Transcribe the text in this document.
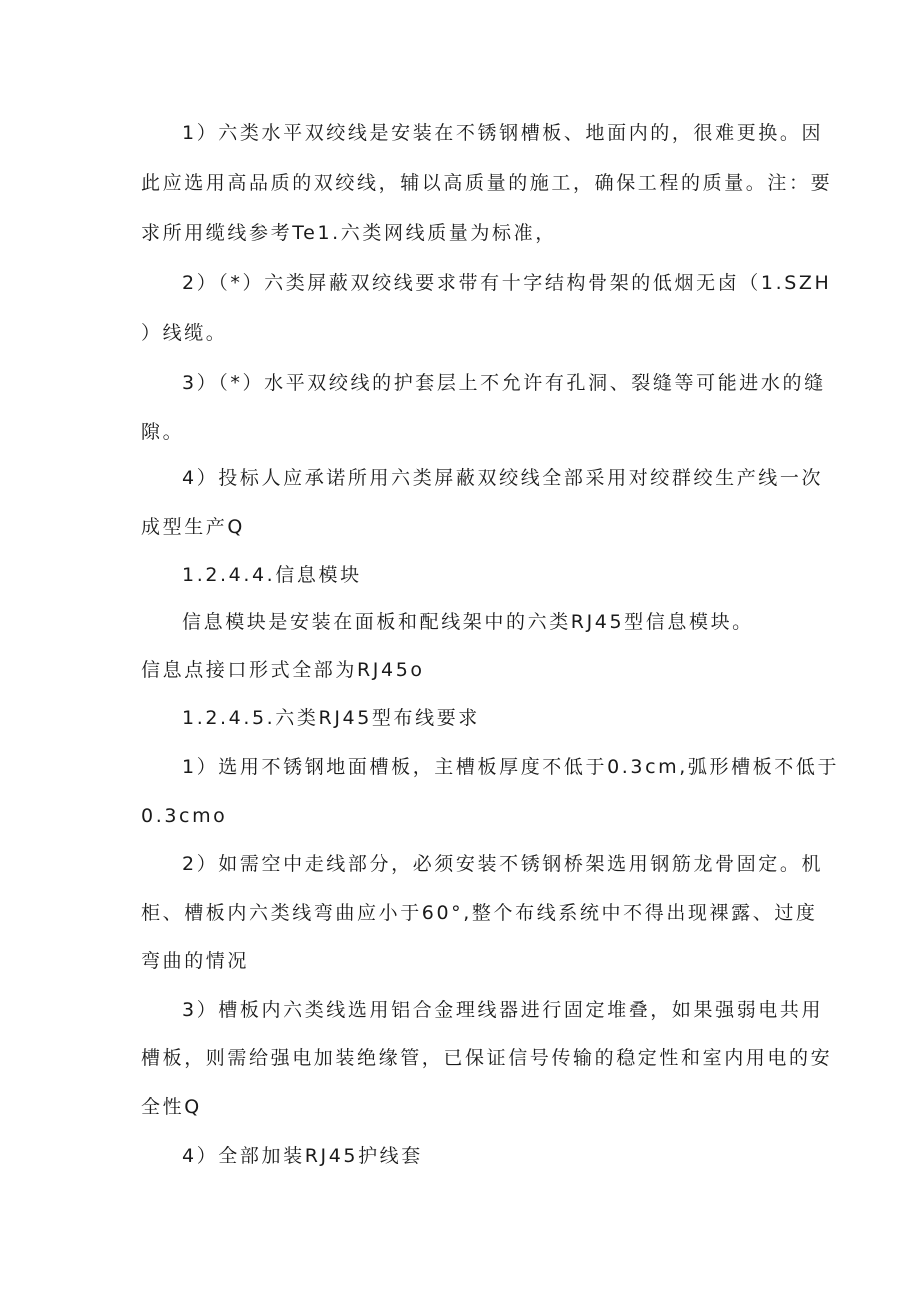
1）六类水平双绞线是安装在不锈钢槽板、地面内的，很难更换。因
此应选用高品质的双绞线，辅以高质量的施工，确保工程的质量。注：要
求所用缆线参考Te1.六类网线质量为标准，
2）（*）六类屏蔽双绞线要求带有十字结构骨架的低烟无卤（1.SZH
）线缆。
3）（*）水平双绞线的护套层上不允许有孔洞、裂缝等可能进水的缝
隙。
4）投标人应承诺所用六类屏蔽双绞线全部采用对绞群绞生产线一次
成型生产Q
1.2.4.4.信息模块
信息模块是安装在面板和配线架中的六类RJ45型信息模块。
信息点接口形式全部为RJ45o
1.2.4.5.六类RJ45型布线要求
1）选用不锈钢地面槽板，主槽板厚度不低于0.3cm,弧形槽板不低于
0.3cmo
2）如需空中走线部分，必须安装不锈钢桥架选用钢筋龙骨固定。机
柜、槽板内六类线弯曲应小于60°,整个布线系统中不得出现裸露、过度
弯曲的情况
3）槽板内六类线选用铝合金理线器进行固定堆叠，如果强弱电共用
槽板，则需给强电加装绝缘管，已保证信号传输的稳定性和室内用电的安
全性Q
4）全部加装RJ45护线套
